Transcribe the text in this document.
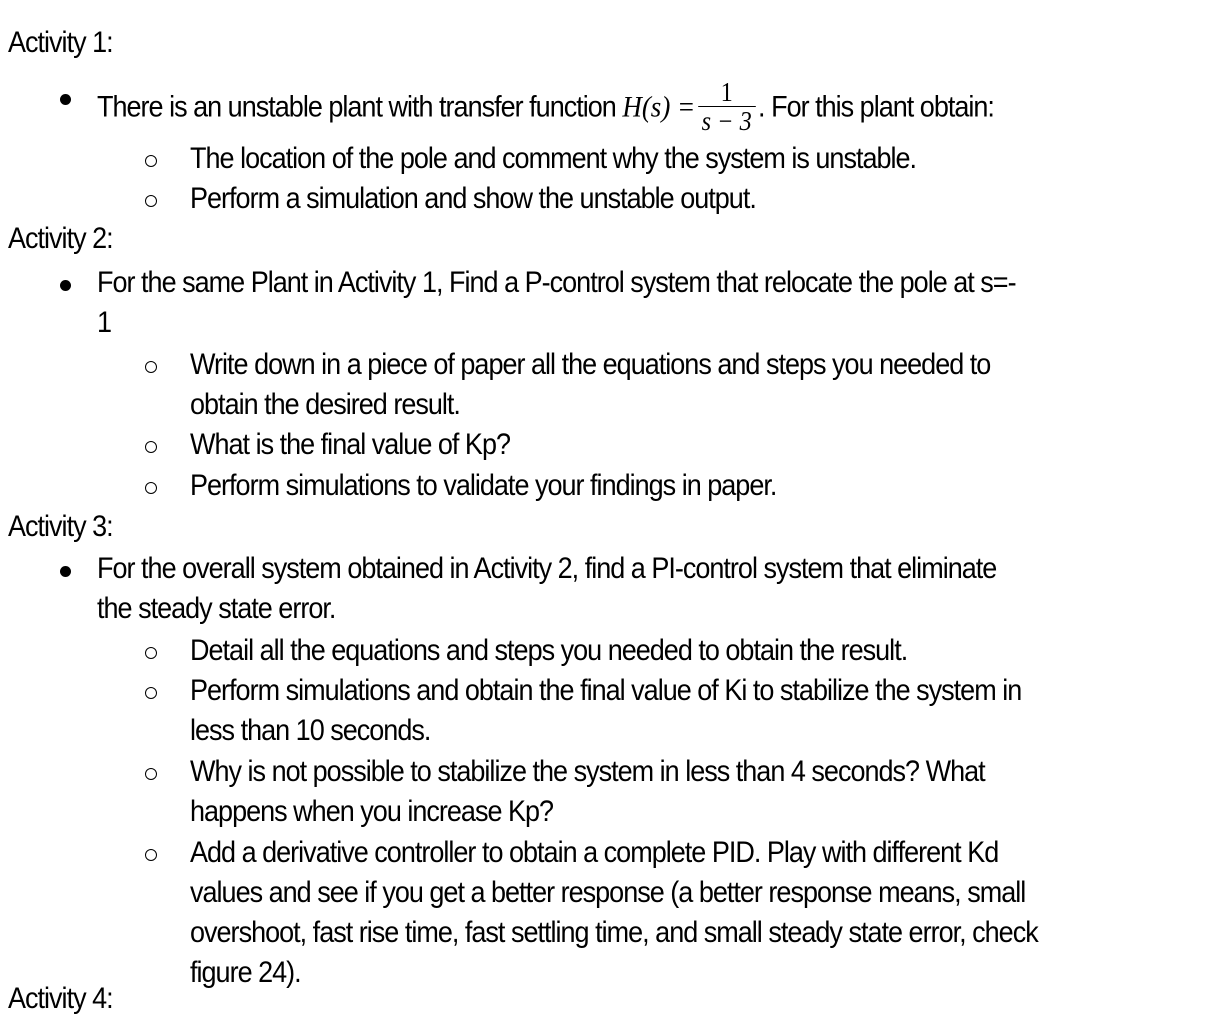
Activity 1:
There is an unstable plant with transfer function $H(s) = \frac{1}{s - 3}$ . For this plant obtain:
The location of the pole and comment why the system is unstable.
Perform a simulation and show the unstable output.
Activity 2:
For the same Plant in Activity 1, Find a P-control system that relocate the pole at s=-
1
Write down in a piece of paper all the equations and steps you needed to
obtain the desired result.
What is the final value of Kp?
Perform simulations to validate your findings in paper.
Activity 3:
For the overall system obtained in Activity 2, find a PI-control system that eliminate
the steady state error.
Detail all the equations and steps you needed to obtain the result.
Perform simulations and obtain the final value of Ki to stabilize the system in
less than 10 seconds.
Why is not possible to stabilize the system in less than 4 seconds? What
happens when you increase Kp?
Add a derivative controller to obtain a complete PID. Play with different Kd
values and see if you get a better response (a better response means, small
overshoot, fast rise time, fast settling time, and small steady state error, check
figure 24).
Activity 4:
